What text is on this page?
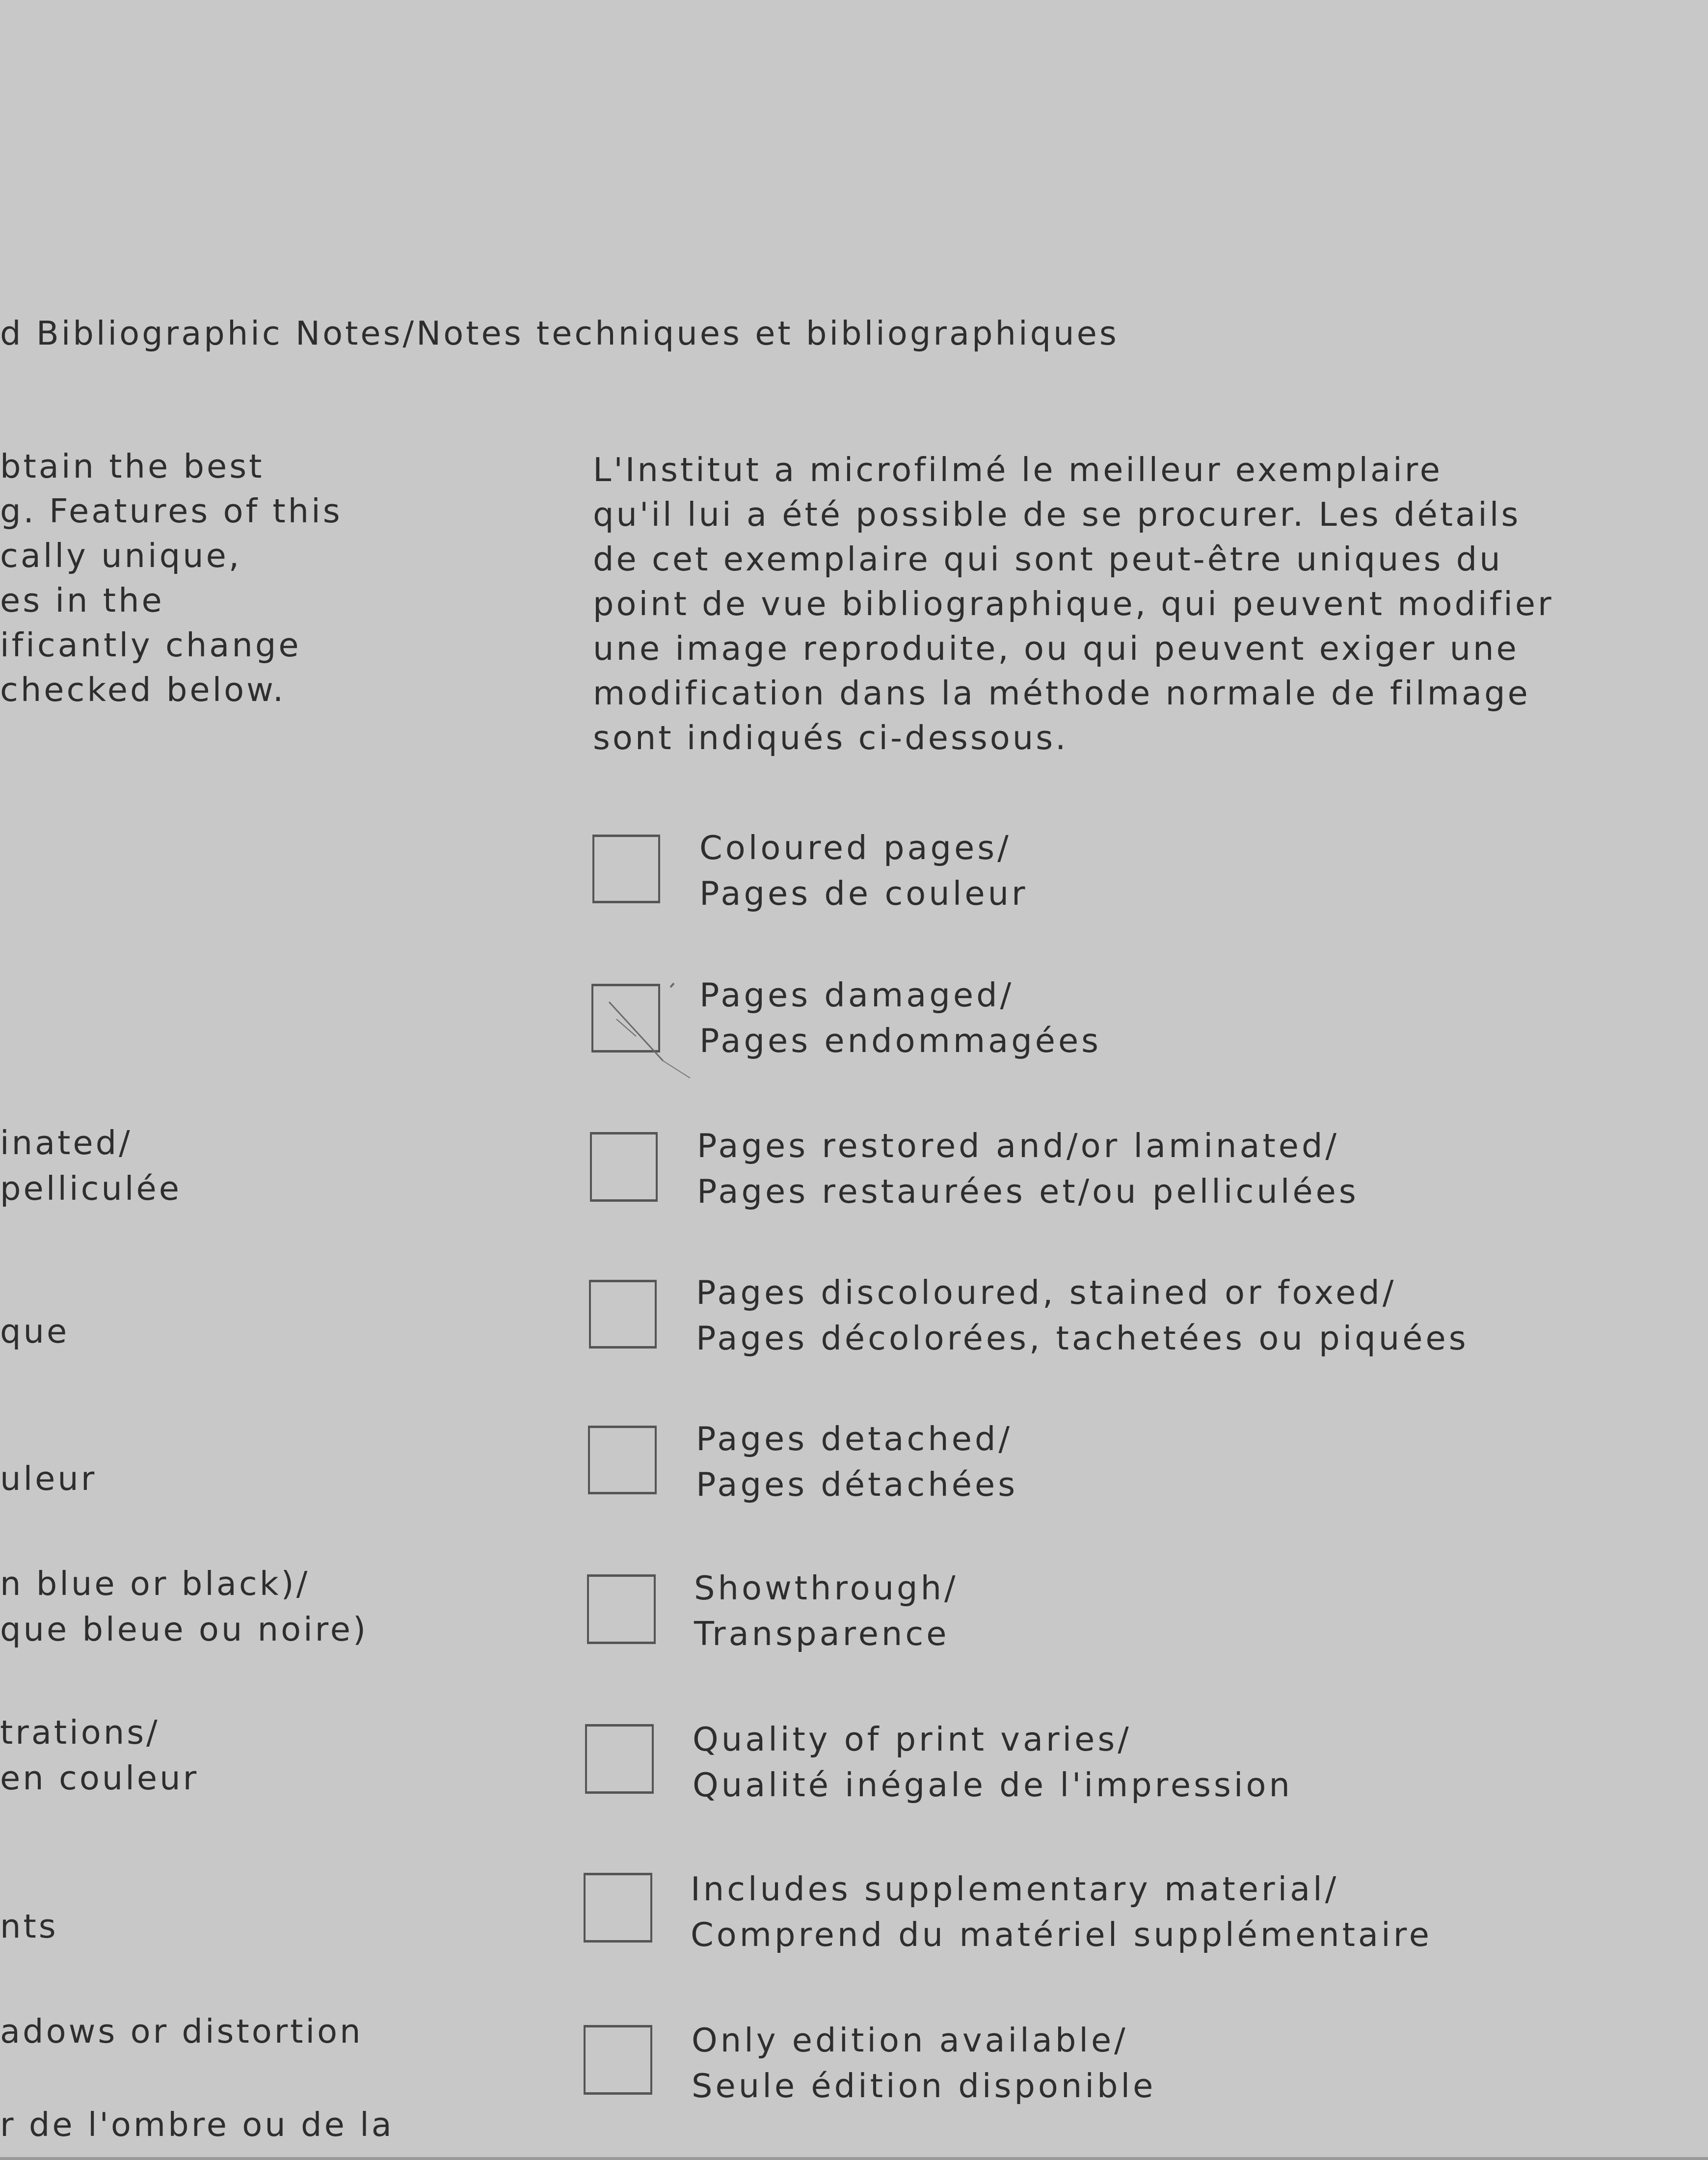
d Bibliographic Notes/Notes techniques et bibliographiques
btain the best
g. Features of this
cally unique,
es in the
ificantly change
checked below.
L'Institut a microfilmé le meilleur exemplaire
qu'il lui a été possible de se procurer. Les détails
de cet exemplaire qui sont peut-être uniques du
point de vue bibliographique, qui peuvent modifier
une image reproduite, ou qui peuvent exiger une
modification dans la méthode normale de filmage
sont indiqués ci-dessous.
inated/
pelliculée
que
uleur
n blue or black)/
que bleue ou noire)
trations/
en couleur
nts
adows or distortion
r de l'ombre ou de la
Coloured pages/
Pages de couleur
Pages damaged/
Pages endommagées
Pages restored and/or laminated/
Pages restaurées et/ou pelliculées
Pages discoloured, stained or foxed/
Pages décolorées, tachetées ou piquées
Pages detached/
Pages détachées
Showthrough/
Transparence
Quality of print varies/
Qualité inégale de l'impression
Includes supplementary material/
Comprend du matériel supplémentaire
Only edition available/
Seule édition disponible
